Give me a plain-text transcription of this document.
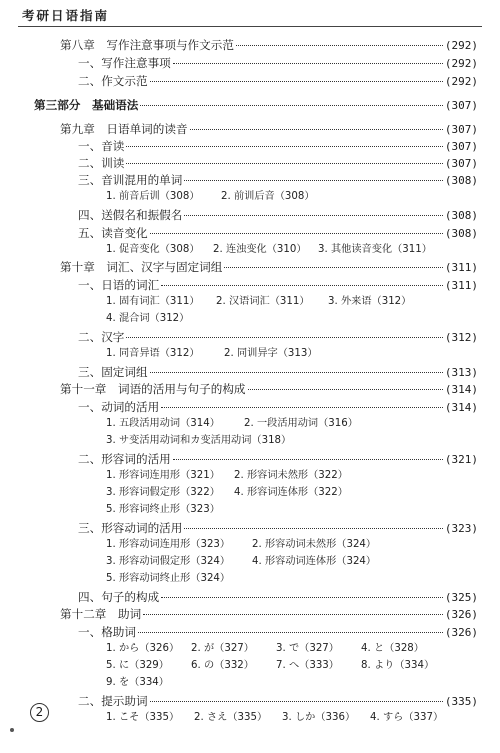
考研日语指南
第八章　写作注意事项与作文示范	(292)
一、写作注意事项	(292)
二、作文示范	(292)
第三部分　基础语法	(307)
第九章　日语单词的读音	(307)
一、音读	(307)
二、训读	(307)
三、音训混用的单词	(308)
1. 前音后训（308） 2. 前训后音（308）
四、送假名和振假名	(308)
五、读音变化	(308)
1. 促音变化（308） 2. 连浊变化（310） 3. 其他读音变化（311）
第十章　词汇、汉字与固定词组	(311)
一、日语的词汇	(311)
1. 固有词汇（311） 2. 汉语词汇（311） 3. 外来语（312）
4. 混合词（312）
二、汉字	(312)
1. 同音异语（312） 2. 同训异字（313）
三、固定词组	(313)
第十一章　词语的活用与句子的构成	(314)
一、动词的活用	(314)
1. 五段活用动词（314） 2. 一段活用动词（316）
3. サ变活用动词和カ变活用动词（318）
二、形容词的活用	(321)
1. 形容词连用形（321） 2. 形容词未然形（322）
3. 形容词假定形（322） 4. 形容词连体形（322）
5. 形容词终止形（323）
三、形容动词的活用	(323)
1. 形容动词连用形（323） 2. 形容动词未然形（324）
3. 形容动词假定形（324） 4. 形容动词连体形（324）
5. 形容动词终止形（324）
四、句子的构成	(325)
第十二章　助词	(326)
一、格助词	(326)
1. から（326） 2. が（327） 3. で（327） 4. と（328）
5. に（329） 6. の（332） 7. へ（333） 8. より（334）
9. を（334）
二、提示助词	(335)
1. こそ（335） 2. さえ（335） 3. しか（336） 4. すら（337）
2
